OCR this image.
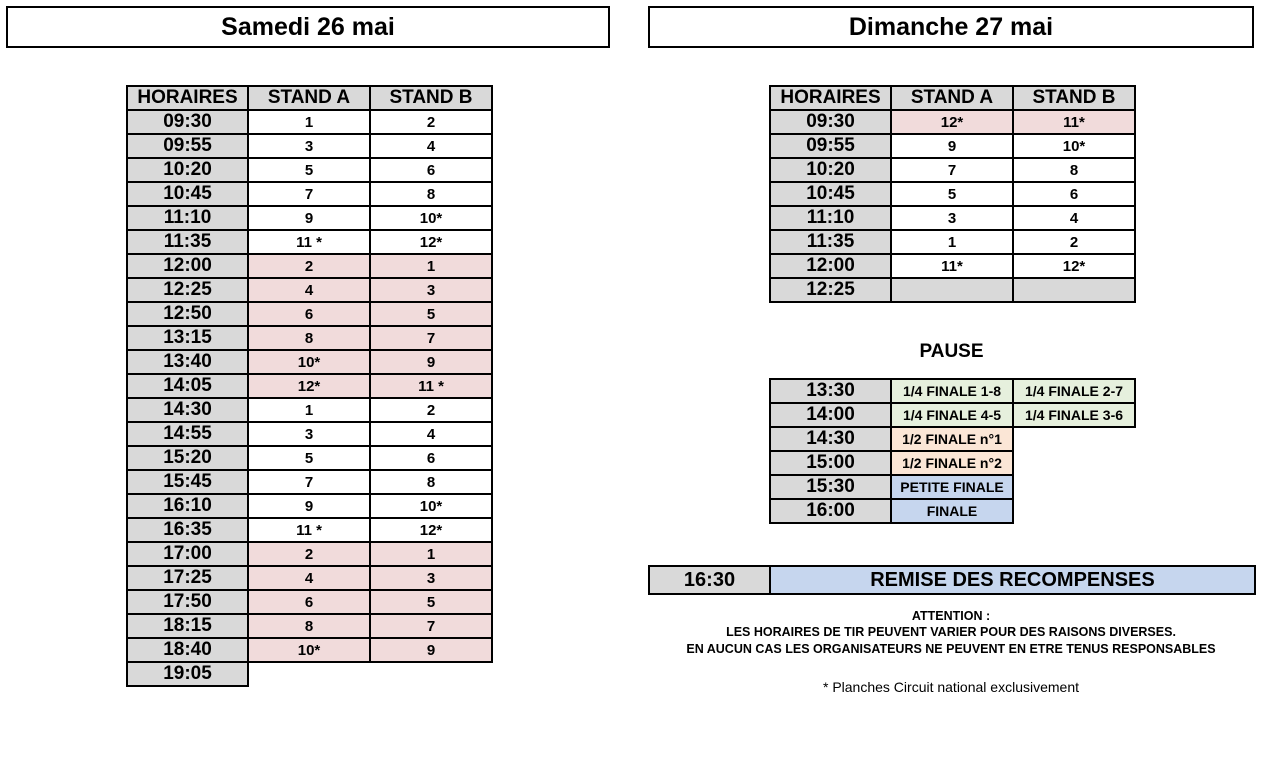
Samedi 26 mai	Dimanche 27 mai
HORAIRES	STAND A	STAND B
09:30	1	2
09:55	3	4
10:20	5	6
10:45	7	8
11:10	9	10*
11:35	11 *	12*
12:00	2	1
12:25	4	3
12:50	6	5
13:15	8	7
13:40	10*	9
14:05	12*	11 *
14:30	1	2
14:55	3	4
15:20	5	6
15:45	7	8
16:10	9	10*
16:35	11 *	12*
17:00	2	1
17:25	4	3
17:50	6	5
18:15	8	7
18:40	10*	9
19:05		
HORAIRES	STAND A	STAND B
09:30	12*	11*
09:55	9	10*
10:20	7	8
10:45	5	6
11:10	3	4
11:35	1	2
12:00	11*	12*
12:25		
PAUSE
13:30	1/4 FINALE 1-8	1/4 FINALE 2-7
14:00	1/4 FINALE 4-5	1/4 FINALE 3-6
14:30	1/2 FINALE n°1	
15:00	1/2 FINALE n°2	
15:30	PETITE FINALE	
16:00	FINALE	
16:30	REMISE DES RECOMPENSES
ATTENTION :
LES HORAIRES DE TIR PEUVENT VARIER POUR DES RAISONS DIVERSES.
EN AUCUN CAS LES ORGANISATEURS NE PEUVENT EN ETRE TENUS RESPONSABLES
* Planches Circuit national exclusivement
